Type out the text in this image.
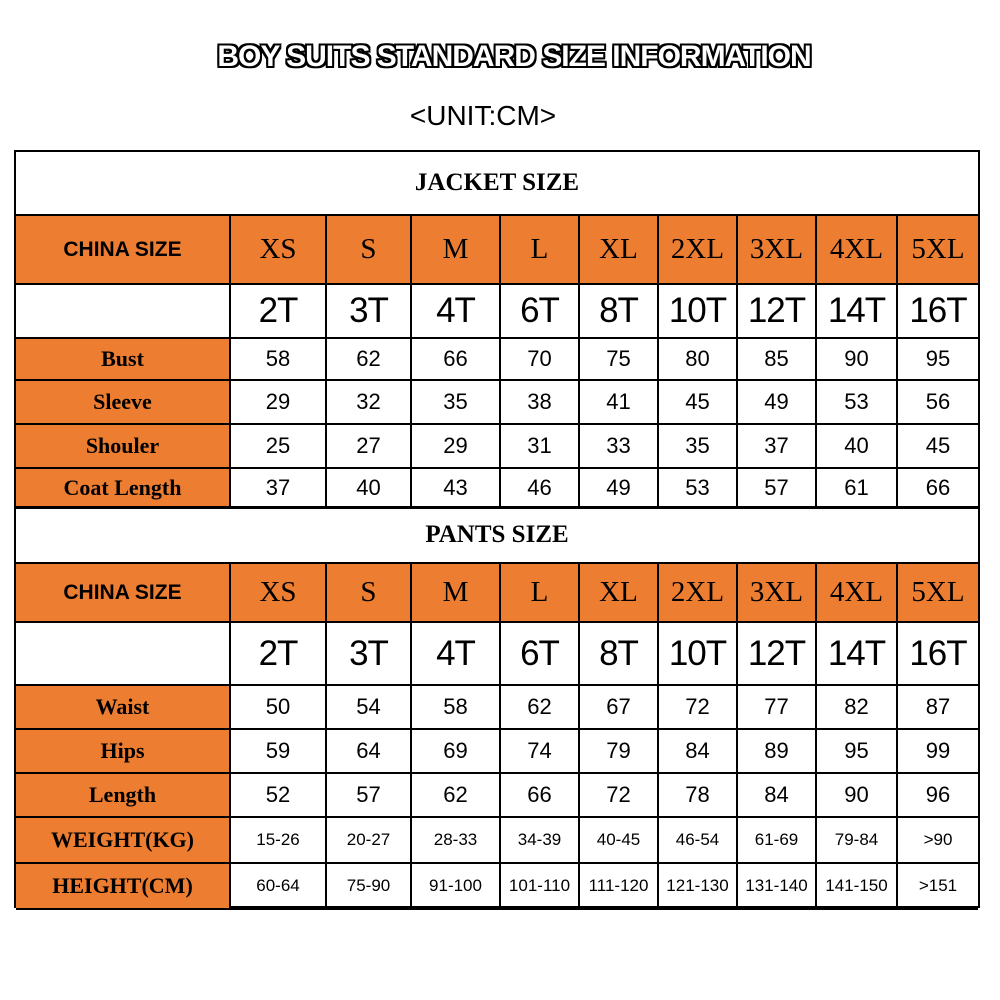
BOY SUITS STANDARD SIZE INFORMATION
<UNIT:CM>
JACKET SIZE
CHINA SIZE	XS	S	M	L	XL	2XL	3XL	4XL	5XL
	2T	3T	4T	6T	8T	10T	12T	14T	16T
Bust	58	62	66	70	75	80	85	90	95
Sleeve	29	32	35	38	41	45	49	53	56
Shouler	25	27	29	31	33	35	37	40	45
Coat Length	37	40	43	46	49	53	57	61	66
PANTS SIZE
CHINA SIZE	XS	S	M	L	XL	2XL	3XL	4XL	5XL
	2T	3T	4T	6T	8T	10T	12T	14T	16T
Waist	50	54	58	62	67	72	77	82	87
Hips	59	64	69	74	79	84	89	95	99
Length	52	57	62	66	72	78	84	90	96
WEIGHT(KG)	15-26	20-27	28-33	34-39	40-45	46-54	61-69	79-84	>90
HEIGHT(CM)	60-64	75-90	91-100	101-110	111-120	121-130	131-140	141-150	>151
